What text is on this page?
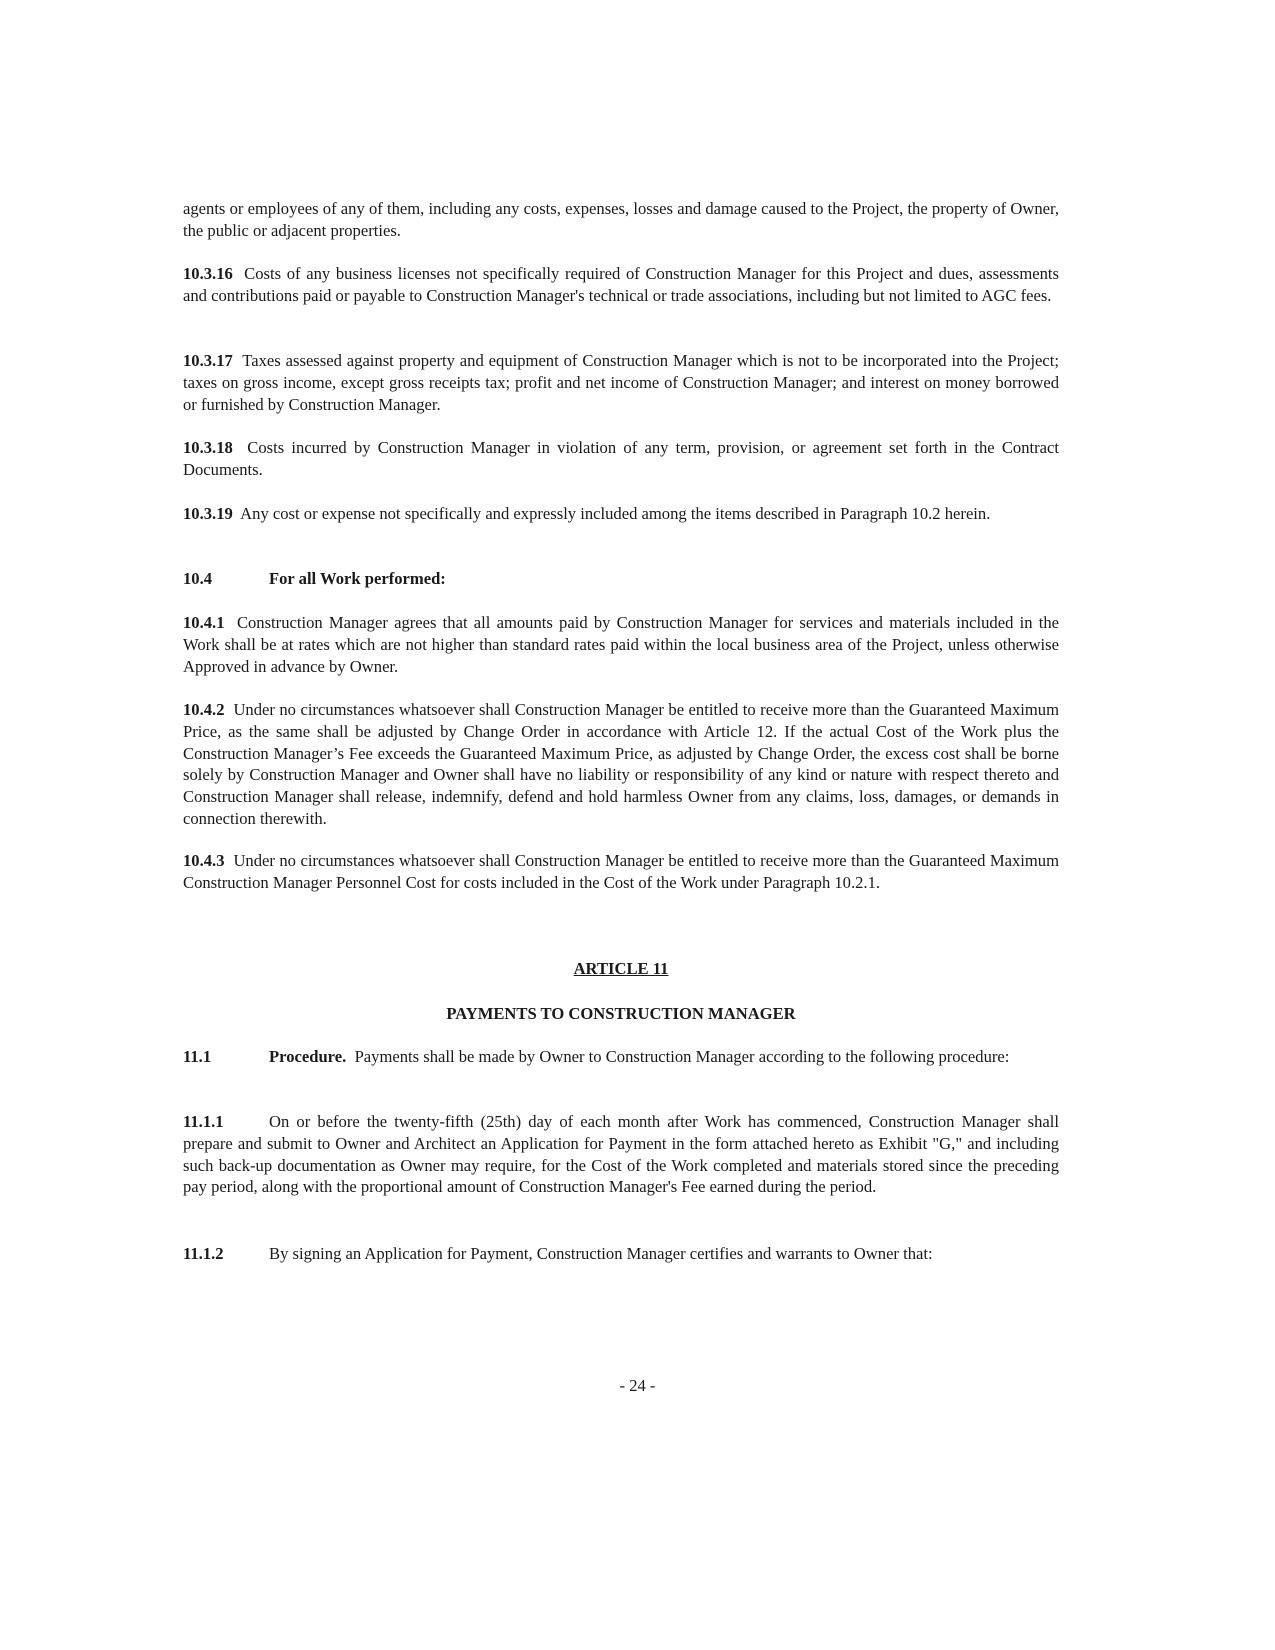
agents or employees of any of them, including any costs, expenses, losses and damage caused to the Project, the property of Owner, the public or adjacent properties.
10.3.16 Costs of any business licenses not specifically required of Construction Manager for this Project and dues, assessments and contributions paid or payable to Construction Manager's technical or trade associations, including but not limited to AGC fees.
10.3.17 Taxes assessed against property and equipment of Construction Manager which is not to be incorporated into the Project; taxes on gross income, except gross receipts tax; profit and net income of Construction Manager; and interest on money borrowed or furnished by Construction Manager.
10.3.18 Costs incurred by Construction Manager in violation of any term, provision, or agreement set forth in the Contract Documents.
10.3.19 Any cost or expense not specifically and expressly included among the items described in Paragraph 10.2 herein.
10.4	For all Work performed:
10.4.1 Construction Manager agrees that all amounts paid by Construction Manager for services and materials included in the Work shall be at rates which are not higher than standard rates paid within the local business area of the Project, unless otherwise Approved in advance by Owner.
10.4.2 Under no circumstances whatsoever shall Construction Manager be entitled to receive more than the Guaranteed Maximum Price, as the same shall be adjusted by Change Order in accordance with Article 12. If the actual Cost of the Work plus the Construction Manager’s Fee exceeds the Guaranteed Maximum Price, as adjusted by Change Order, the excess cost shall be borne solely by Construction Manager and Owner shall have no liability or responsibility of any kind or nature with respect thereto and Construction Manager shall release, indemnify, defend and hold harmless Owner from any claims, loss, damages, or demands in connection therewith.
10.4.3 Under no circumstances whatsoever shall Construction Manager be entitled to receive more than the Guaranteed Maximum Construction Manager Personnel Cost for costs included in the Cost of the Work under Paragraph 10.2.1.
ARTICLE 11
PAYMENTS TO CONSTRUCTION MANAGER
11.1	Procedure. Payments shall be made by Owner to Construction Manager according to the following procedure:
11.1.1	On or before the twenty-fifth (25th) day of each month after Work has commenced, Construction Manager shall prepare and submit to Owner and Architect an Application for Payment in the form attached hereto as Exhibit "G," and including such back-up documentation as Owner may require, for the Cost of the Work completed and materials stored since the preceding pay period, along with the proportional amount of Construction Manager's Fee earned during the period.
11.1.2	By signing an Application for Payment, Construction Manager certifies and warrants to Owner that:
- 24 -
